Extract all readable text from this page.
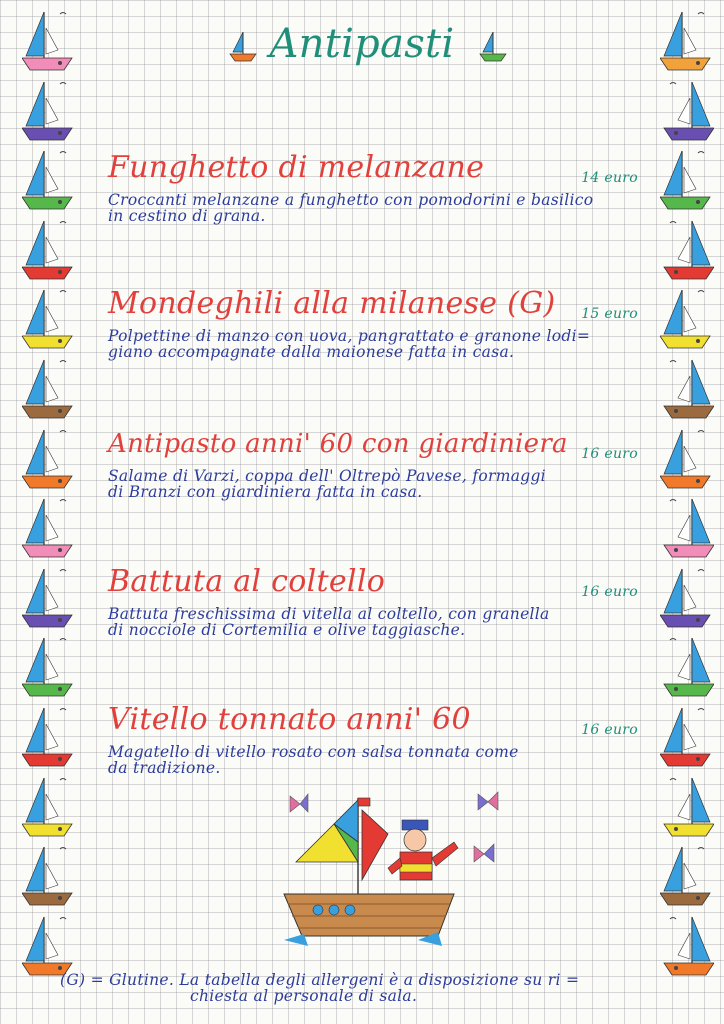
Antipasti
14 euro
Funghetto di melanzane
Croccanti melanzane a funghetto con pomodorini e basilico
in cestino di grana.
15 euro
Mondeghili alla milanese (G)
Polpettine di manzo con uova, pangrattato e granone lodi=
giano accompagnate dalla maionese fatta in casa.
16 euro
Antipasto anni' 60 con giardiniera
Salame di Varzi, coppa dell' Oltrepò Pavese, formaggi
di Branzi con giardiniera fatta in casa.
16 euro
Battuta al coltello
Battuta freschissima di vitella al coltello, con granella
di nocciole di Cortemilia e olive taggiasche.
16 euro
Vitello tonnato anni' 60
Magatello di vitello rosato con salsa tonnata come
da tradizione.
(G) = Glutine. La tabella degli allergeni è a disposizione su ri =
chiesta al personale di sala.
